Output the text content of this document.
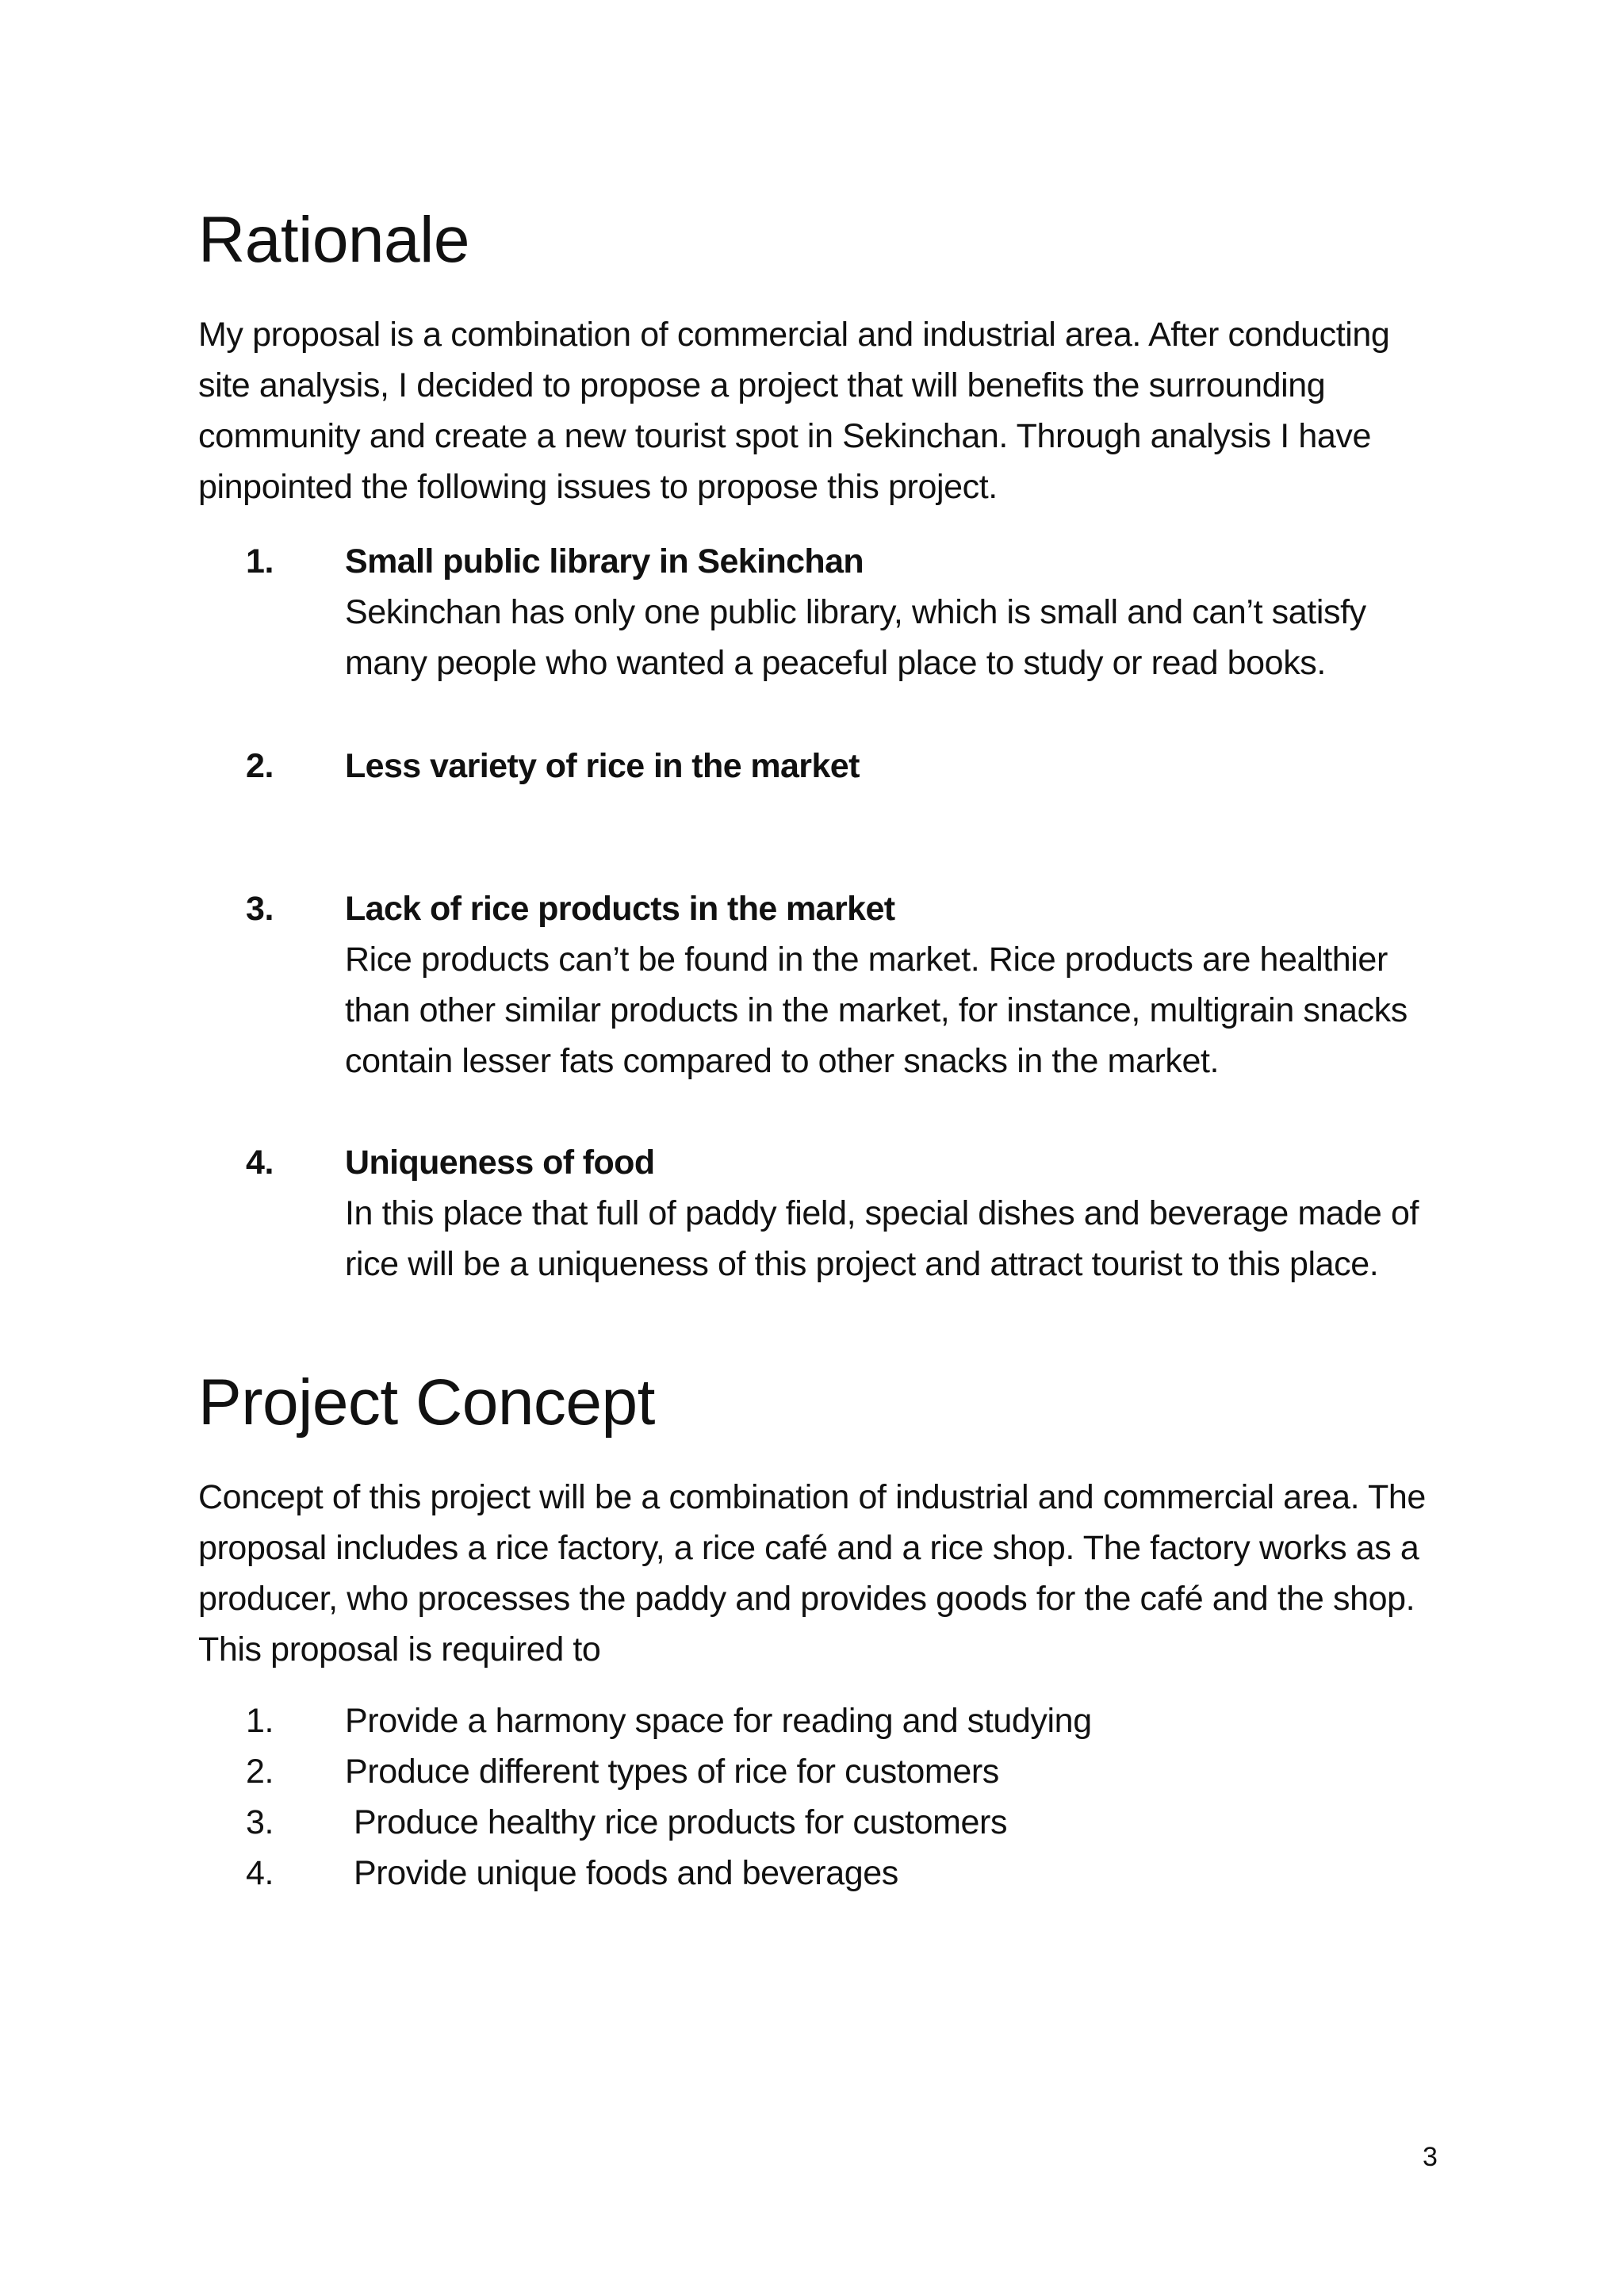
Rationale

My proposal is a combination of commercial and industrial area. After conducting site analysis, I decided to propose a project that will benefits the surrounding community and create a new tourist spot in Sekinchan. Through analysis I have pinpointed the following issues to propose this project.

1. Small public library in Sekinchan
Sekinchan has only one public library, which is small and can’t satisfy many people who wanted a peaceful place to study or read books.
2. Less variety of rice in the market
3. Lack of rice products in the market
Rice products can’t be found in the market. Rice products are healthier than other similar products in the market, for instance, multigrain snacks contain lesser fats compared to other snacks in the market.
4. Uniqueness of food
In this place that full of paddy field, special dishes and beverage made of rice will be a uniqueness of this project and attract tourist to this place.
Project Concept

Concept of this project will be a combination of industrial and commercial area. The proposal includes a rice factory, a rice café and a rice shop. The factory works as a producer, who processes the paddy and provides goods for the café and the shop. This proposal is required to

1. Provide a harmony space for reading and studying
2. Produce different types of rice for customers
3. Produce healthy rice products for customers
4. Provide unique foods and beverages
3
